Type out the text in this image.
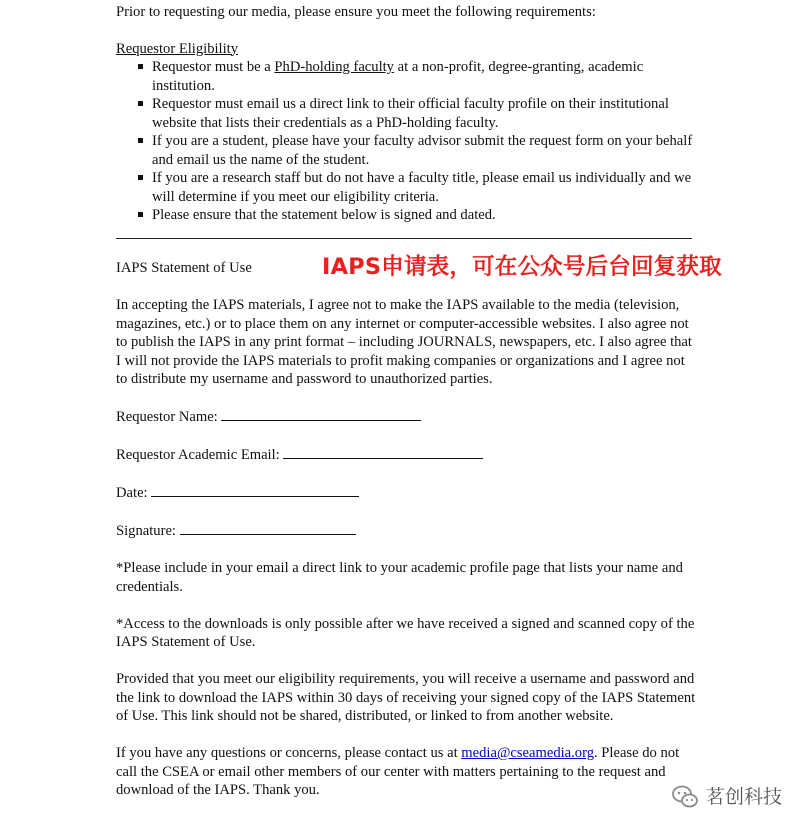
Prior to requesting our media, please ensure you meet the following requirements:

Requestor Eligibility

Requestor must be a PhD-holding faculty at a non-profit, degree-granting, academic institution.
Requestor must email us a direct link to their official faculty profile on their institutional website that lists their credentials as a PhD-holding faculty.
If you are a student, please have your faculty advisor submit the request form on your behalf and email us the name of the student.
If you are a research staff but do not have a faculty title, please email us individually and we will determine if you meet our eligibility criteria.
Please ensure that the statement below is signed and dated.

IAPS Statement of Use	IAPS申请表，可在公众号后台回复获取

In accepting the IAPS materials, I agree not to make the IAPS available to the media (television, magazines, etc.) or to place them on any internet or computer-accessible websites. I also agree not to publish the IAPS in any print format – including JOURNALS, newspapers, etc. I also agree that I will not provide the IAPS materials to profit making companies or organizations and I agree not to distribute my username and password to unauthorized parties.

Requestor Name:

Requestor Academic Email:

Date:

Signature:

*Please include in your email a direct link to your academic profile page that lists your name and credentials.

*Access to the downloads is only possible after we have received a signed and scanned copy of the IAPS Statement of Use.

Provided that you meet our eligibility requirements, you will receive a username and password and the link to download the IAPS within 30 days of receiving your signed copy of the IAPS Statement of Use. This link should not be shared, distributed, or linked to from another website.

If you have any questions or concerns, please contact us at media@cseamedia.org. Please do not call the CSEA or email other members of our center with matters pertaining to the request and download of the IAPS. Thank you.	茗创科技
